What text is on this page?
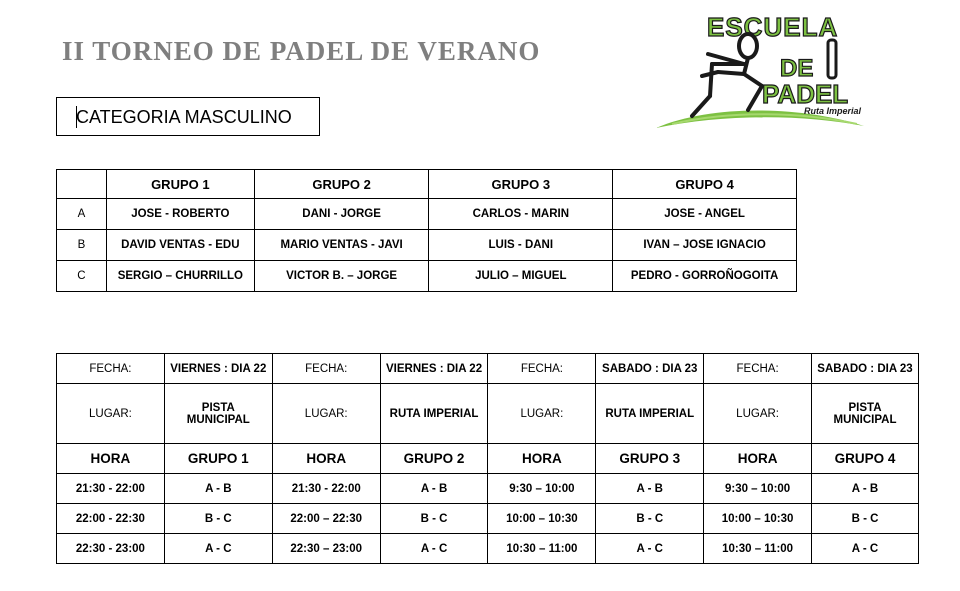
II TORNEO DE PADEL DE VERANO
CATEGORIA MASCULINO
ESCUELA
DE
PADEL
Ruta Imperial
	GRUPO 1	GRUPO 2	GRUPO 3	GRUPO 4
A	JOSE - ROBERTO	DANI - JORGE	CARLOS - MARIN	JOSE - ANGEL
B	DAVID VENTAS - EDU	MARIO VENTAS - JAVI	LUIS - DANI	IVAN – JOSE IGNACIO
C	SERGIO – CHURRILLO	VICTOR B. – JORGE	JULIO – MIGUEL	PEDRO - GORROÑOGOITA
FECHA:	VIERNES : DIA 22	FECHA:	VIERNES : DIA 22	FECHA:	SABADO : DIA 23	FECHA:	SABADO : DIA 23
LUGAR:	PISTA MUNICIPAL	LUGAR:	RUTA IMPERIAL	LUGAR:	RUTA IMPERIAL	LUGAR:	PISTA MUNICIPAL
HORA	GRUPO 1	HORA	GRUPO 2	HORA	GRUPO 3	HORA	GRUPO 4
21:30 - 22:00	A - B	21:30 - 22:00	A - B	9:30 – 10:00	A - B	9:30 – 10:00	A - B
22:00 - 22:30	B - C	22:00 – 22:30	B - C	10:00 – 10:30	B - C	10:00 – 10:30	B - C
22:30 - 23:00	A - C	22:30 – 23:00	A - C	10:30 – 11:00	A - C	10:30 – 11:00	A - C
